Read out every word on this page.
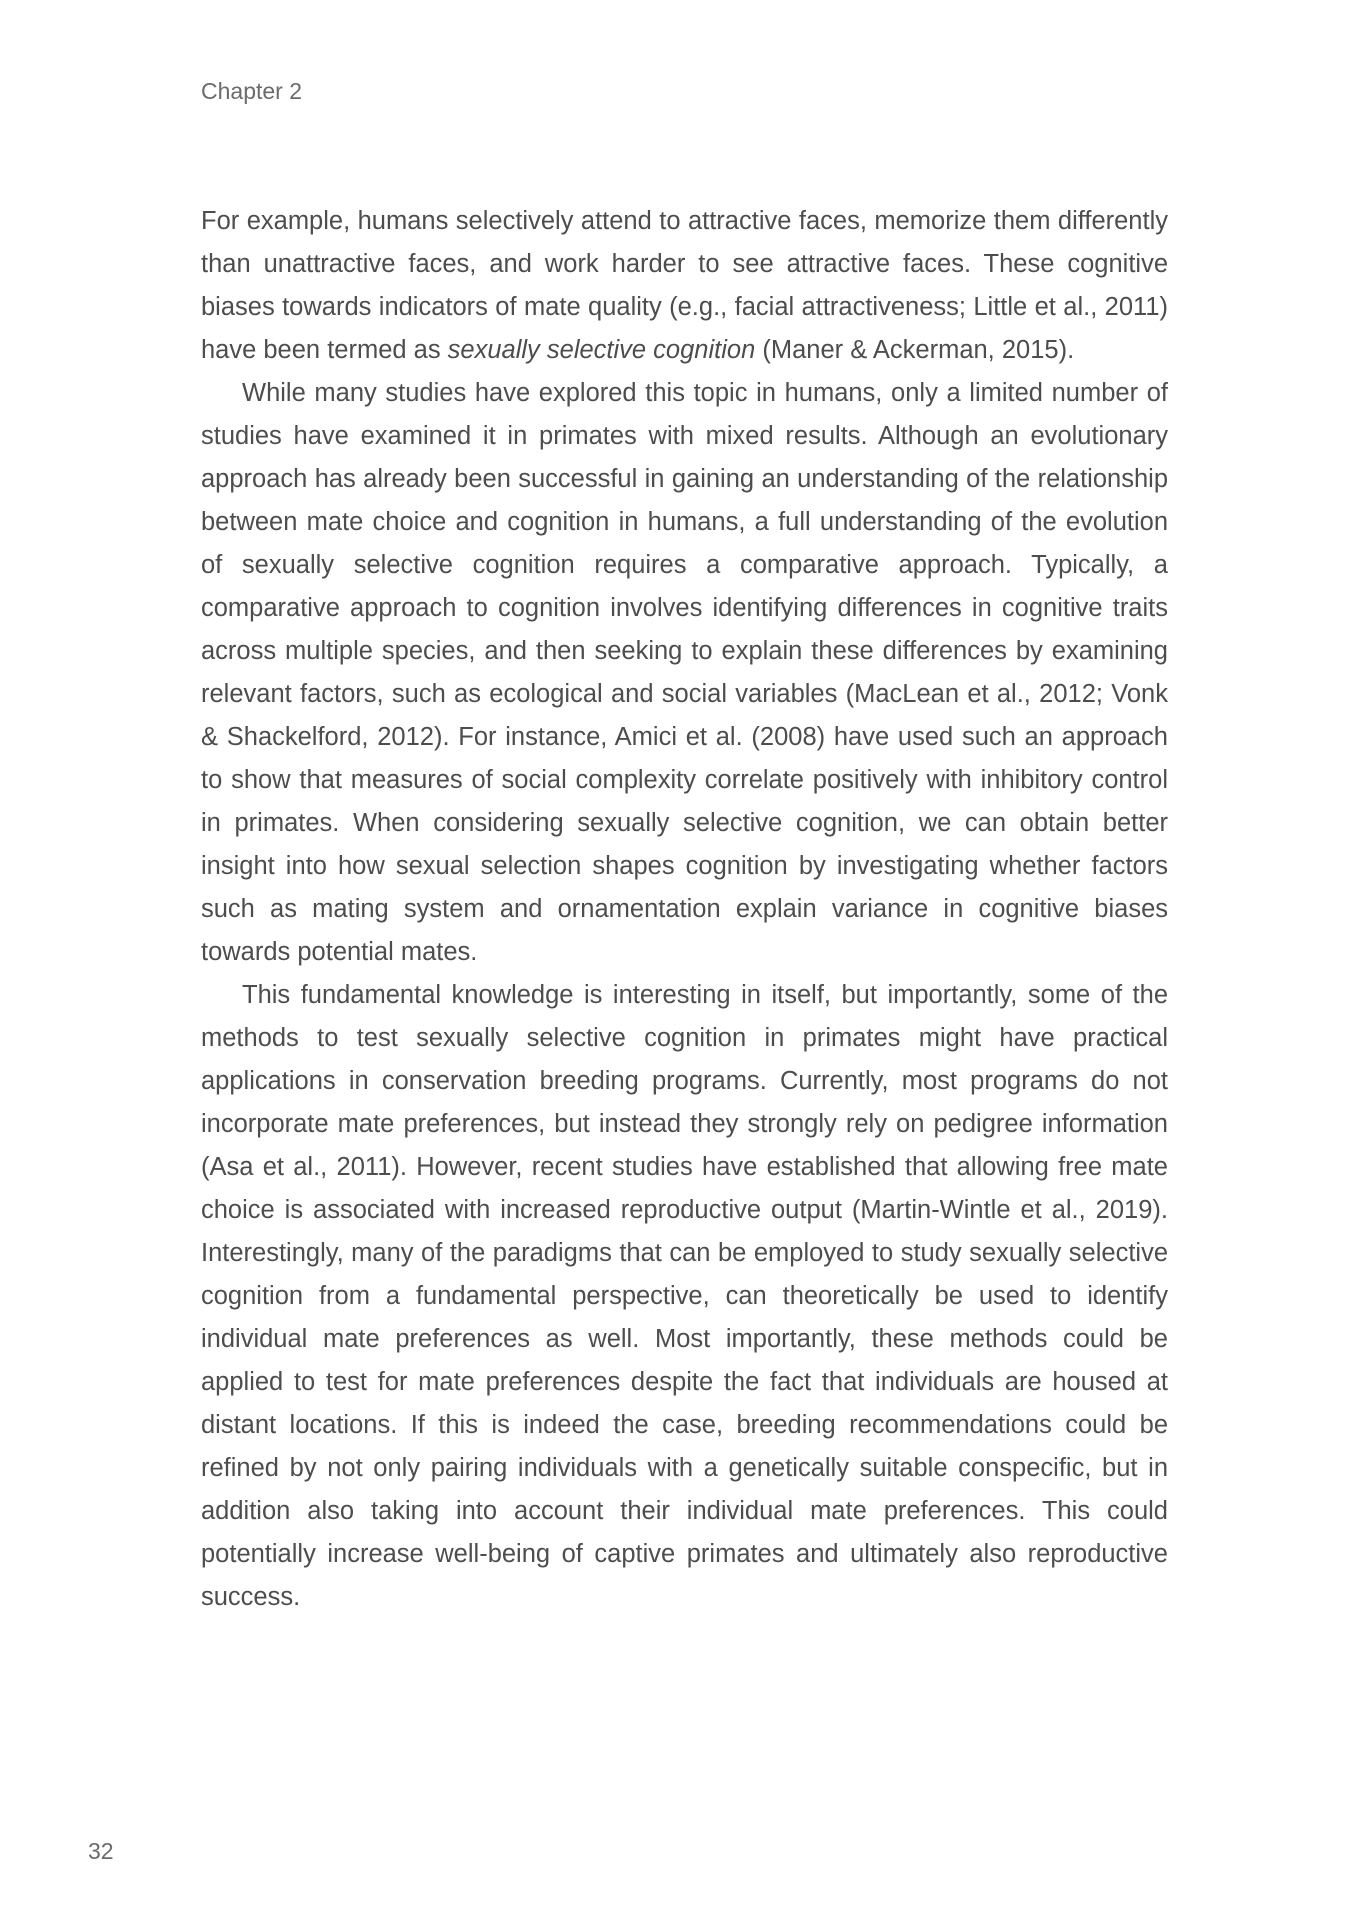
Chapter 2

For example, humans selectively attend to attractive faces, memorize them differently than unattractive faces, and work harder to see attractive faces. These cognitive biases towards indicators of mate quality (e.g., facial attractiveness; Little et al., 2011) have been termed as sexually selective cognition (Maner & Ackerman, 2015).

While many studies have explored this topic in humans, only a limited number of studies have examined it in primates with mixed results. Although an evolutionary approach has already been successful in gaining an understanding of the relationship between mate choice and cognition in humans, a full understanding of the evolution of sexually selective cognition requires a comparative approach. Typically, a comparative approach to cognition involves identifying differences in cognitive traits across multiple species, and then seeking to explain these differences by examining relevant factors, such as ecological and social variables (MacLean et al., 2012; Vonk & Shackelford, 2012). For instance, Amici et al. (2008) have used such an approach to show that measures of social complexity correlate positively with inhibitory control in primates. When considering sexually selective cognition, we can obtain better insight into how sexual selection shapes cognition by investigating whether factors such as mating system and ornamentation explain variance in cognitive biases towards potential mates.

This fundamental knowledge is interesting in itself, but importantly, some of the methods to test sexually selective cognition in primates might have practical applications in conservation breeding programs. Currently, most programs do not incorporate mate preferences, but instead they strongly rely on pedigree information (Asa et al., 2011). However, recent studies have established that allowing free mate choice is associated with increased reproductive output (Martin-Wintle et al., 2019). Interestingly, many of the paradigms that can be employed to study sexually selective cognition from a fundamental perspective, can theoretically be used to identify individual mate preferences as well. Most importantly, these methods could be applied to test for mate preferences despite the fact that individuals are housed at distant locations. If this is indeed the case, breeding recommendations could be refined by not only pairing individuals with a genetically suitable conspecific, but in addition also taking into account their individual mate preferences. This could potentially increase well-being of captive primates and ultimately also reproductive success.

32
